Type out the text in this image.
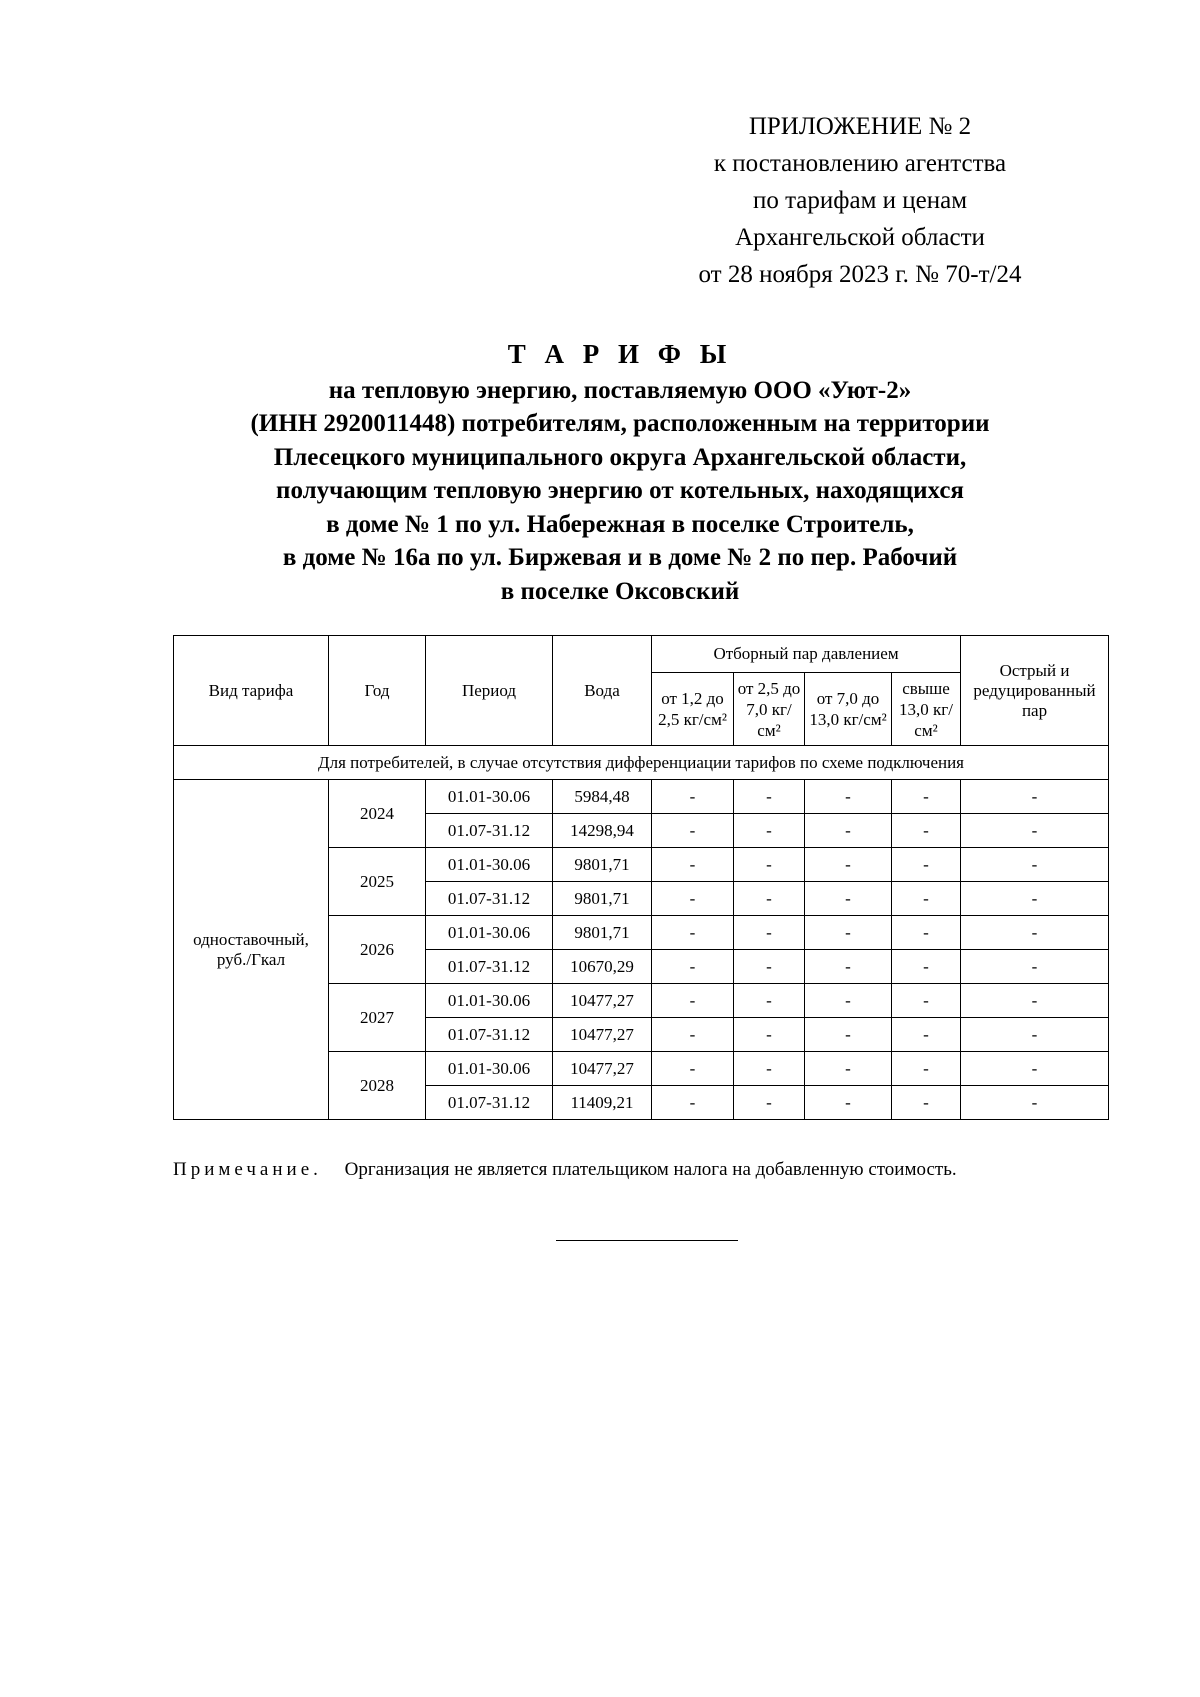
ПРИЛОЖЕНИЕ № 2
к постановлению агентства
по тарифам и ценам
Архангельской области
от 28 ноября 2023 г. № 70-т/24
Т А Р И Ф Ы
на тепловую энергию, поставляемую ООО «Уют-2»
(ИНН 2920011448) потребителям, расположенным на территории
Плесецкого муниципального округа Архангельской области,
получающим тепловую энергию от котельных, находящихся
в доме № 1 по ул. Набережная в поселке Строитель,
в доме № 16а по ул. Биржевая и в доме № 2 по пер. Рабочий
в поселке Оксовский
Вид тарифа	Год	Период	Вода	Отборный пар давлением				Острый и редуцированный пар
				от 1,2 до 2,5 кг/см²	от 2,5 до 7,0 кг/см²	от 7,0 до 13,0 кг/см²	свыше 13,0 кг/см²	
Для потребителей, в случае отсутствия дифференциации тарифов по схеме подключения								
одноставочный, руб./Гкал	2024	01.01-30.06	5984,48	-	-	-	-	-
		01.07-31.12	14298,94	-	-	-	-	-
	2025	01.01-30.06	9801,71	-	-	-	-	-
		01.07-31.12	9801,71	-	-	-	-	-
	2026	01.01-30.06	9801,71	-	-	-	-	-
		01.07-31.12	10670,29	-	-	-	-	-
	2027	01.01-30.06	10477,27	-	-	-	-	-
		01.07-31.12	10477,27	-	-	-	-	-
	2028	01.01-30.06	10477,27	-	-	-	-	-
		01.07-31.12	11409,21	-	-	-	-	-
Примечание. Организация не является плательщиком налога на добавленную стоимость.
